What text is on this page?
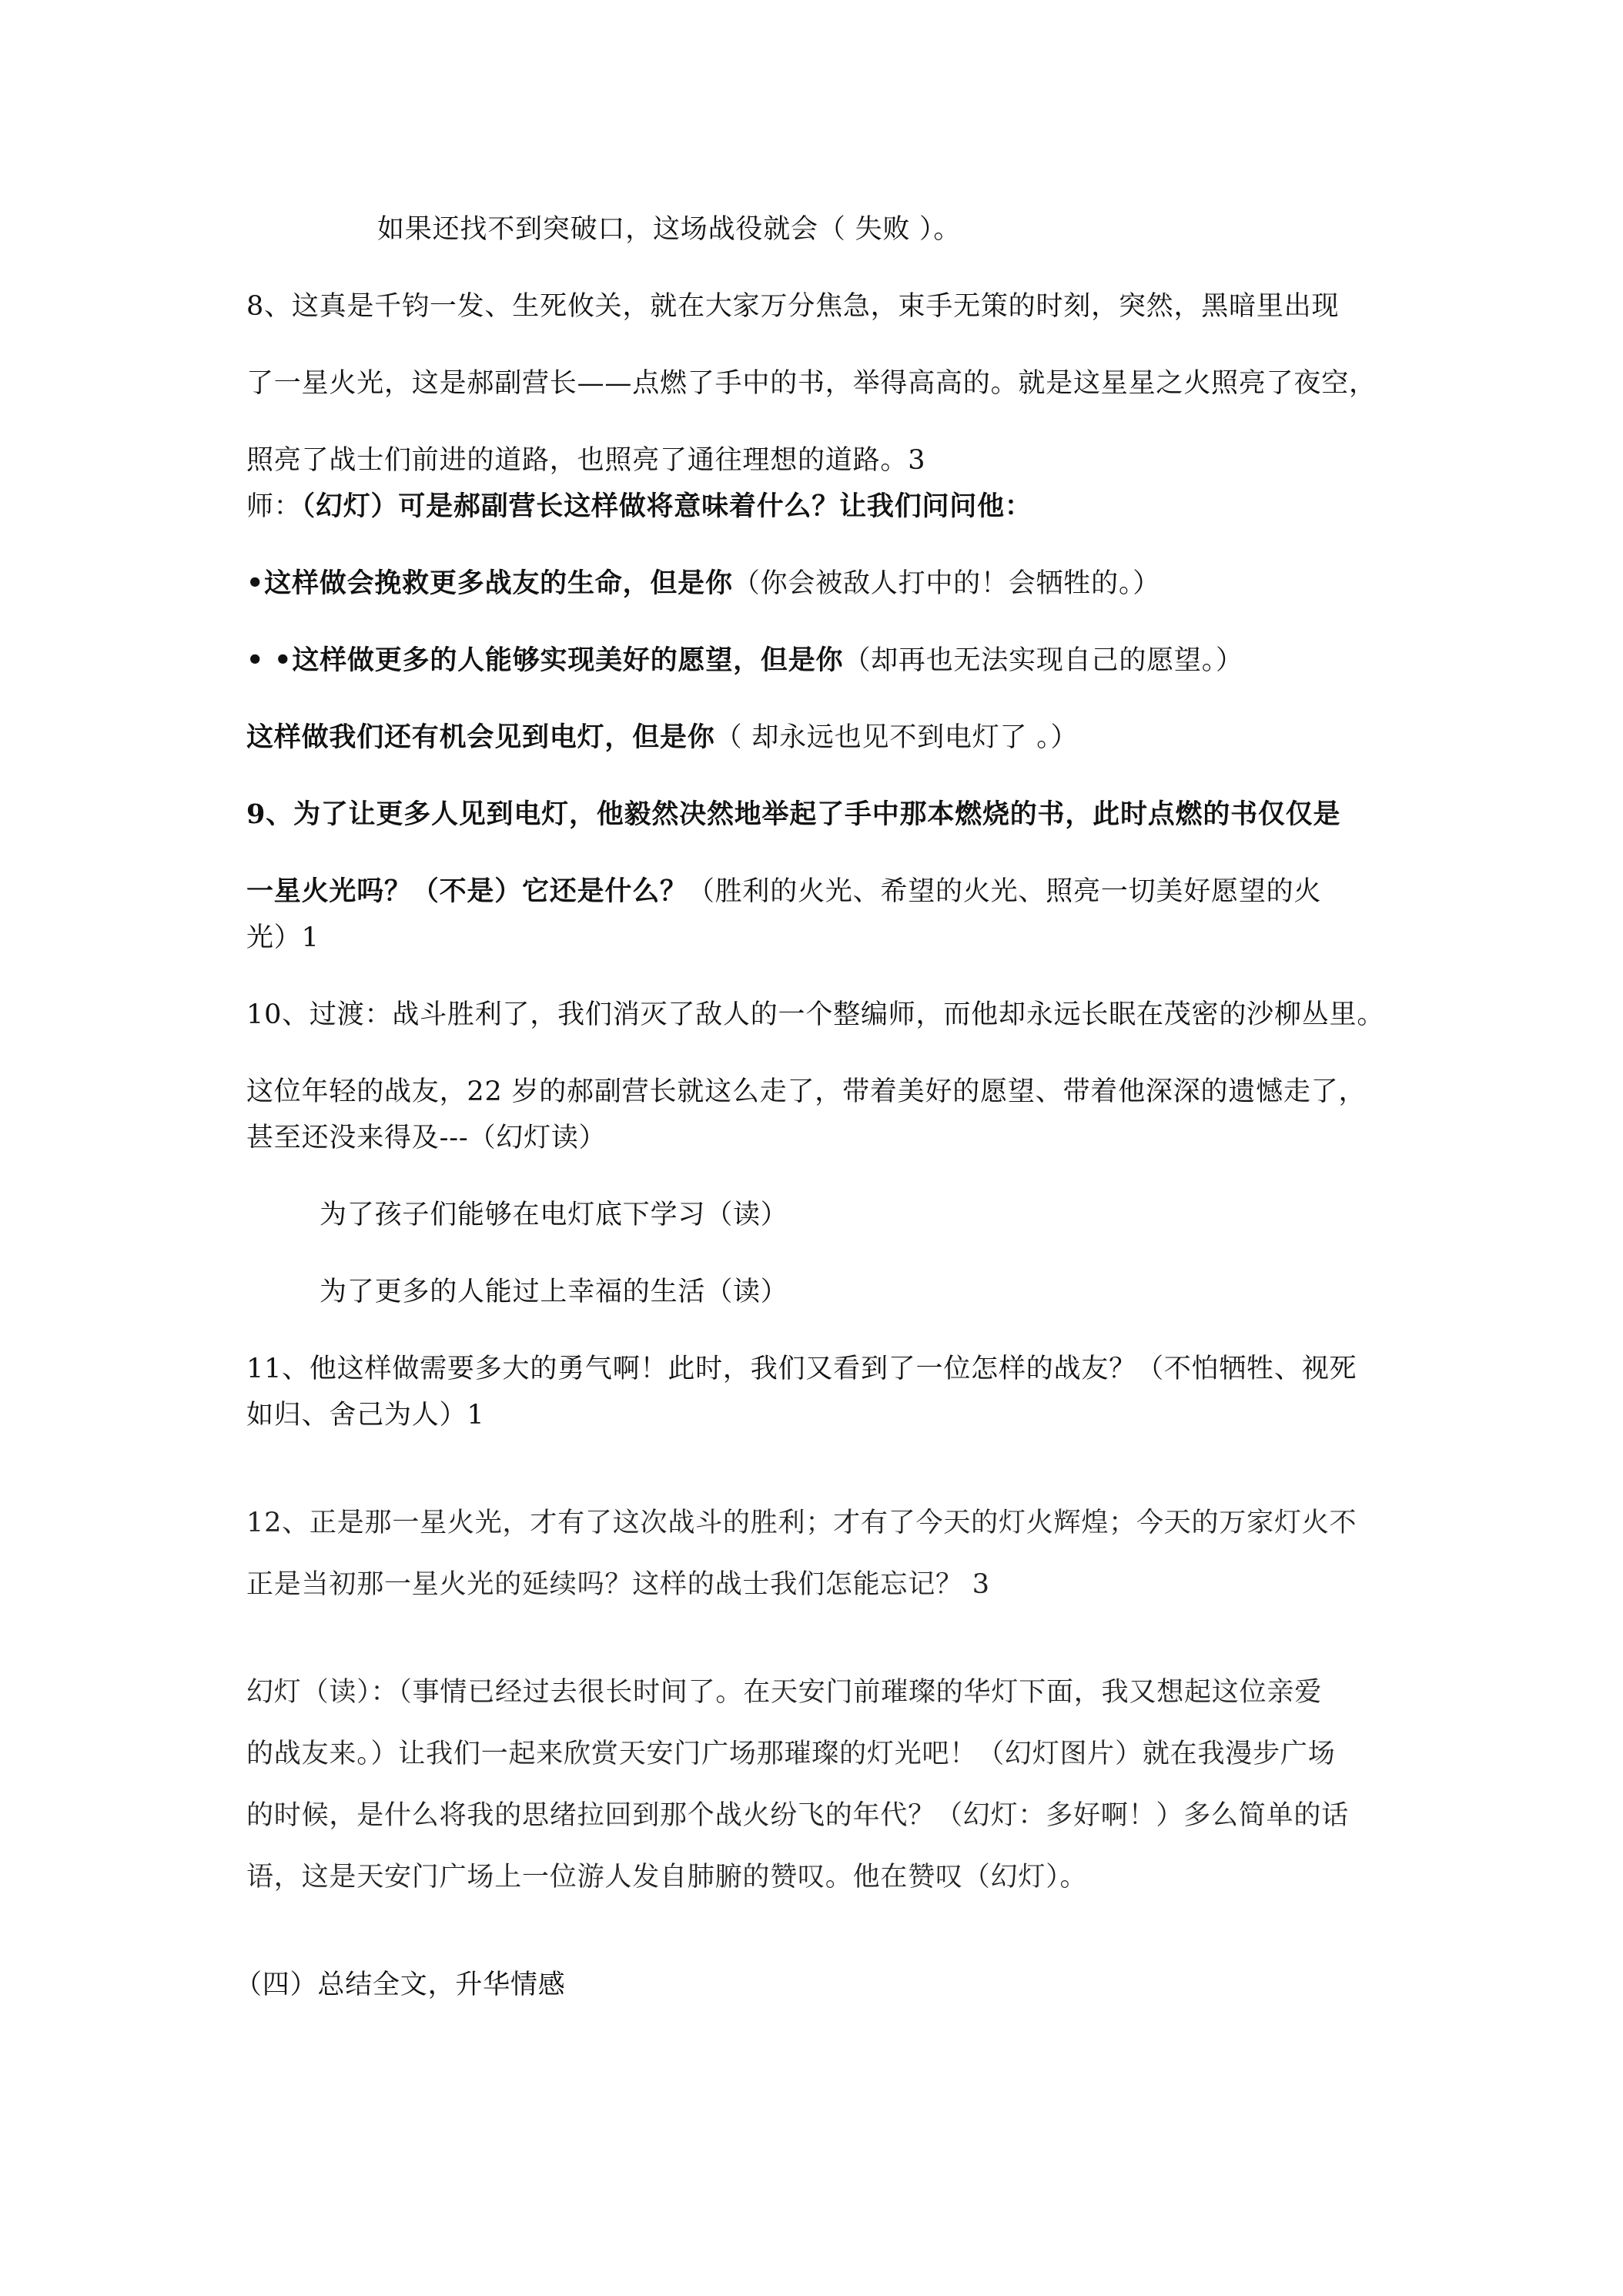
如果还找不到突破口，这场战役就会（ 失败 ）。
8、这真是千钧一发、生死攸关，就在大家万分焦急，束手无策的时刻，突然，黑暗里出现
了一星火光，这是郝副营长——点燃了手中的书，举得高高的。就是这星星之火照亮了夜空，
照亮了战士们前进的道路，也照亮了通往理想的道路。3
师：（幻灯）可是郝副营长这样做将意味着什么？让我们问问他：
•这样做会挽救更多战友的生命，但是你（你会被敌人打中的！会牺牲的。）
• •这样做更多的人能够实现美好的愿望，但是你（却再也无法实现自己的愿望。）
这样做我们还有机会见到电灯，但是你（ 却永远也见不到电灯了 。）
9、为了让更多人见到电灯，他毅然决然地举起了手中那本燃烧的书，此时点燃的书仅仅是
一星火光吗？（不是）它还是什么？（胜利的火光、希望的火光、照亮一切美好愿望的火
光）1
10、过渡：战斗胜利了，我们消灭了敌人的一个整编师，而他却永远长眠在茂密的沙柳丛里。
这位年轻的战友，22 岁的郝副营长就这么走了，带着美好的愿望、带着他深深的遗憾走了，
甚至还没来得及---（幻灯读）
为了孩子们能够在电灯底下学习（读）
为了更多的人能过上幸福的生活（读）
11、他这样做需要多大的勇气啊！此时，我们又看到了一位怎样的战友？（不怕牺牲、视死
如归、舍己为人）1
12、正是那一星火光，才有了这次战斗的胜利；才有了今天的灯火辉煌；今天的万家灯火不
正是当初那一星火光的延续吗？这样的战士我们怎能忘记？ 3
幻灯（读）：（事情已经过去很长时间了。在天安门前璀璨的华灯下面，我又想起这位亲爱
的战友来。）让我们一起来欣赏天安门广场那璀璨的灯光吧！（幻灯图片）就在我漫步广场
的时候，是什么将我的思绪拉回到那个战火纷飞的年代？（幻灯：多好啊！）多么简单的话
语，这是天安门广场上一位游人发自肺腑的赞叹。他在赞叹（幻灯）。
（四）总结全文，升华情感
